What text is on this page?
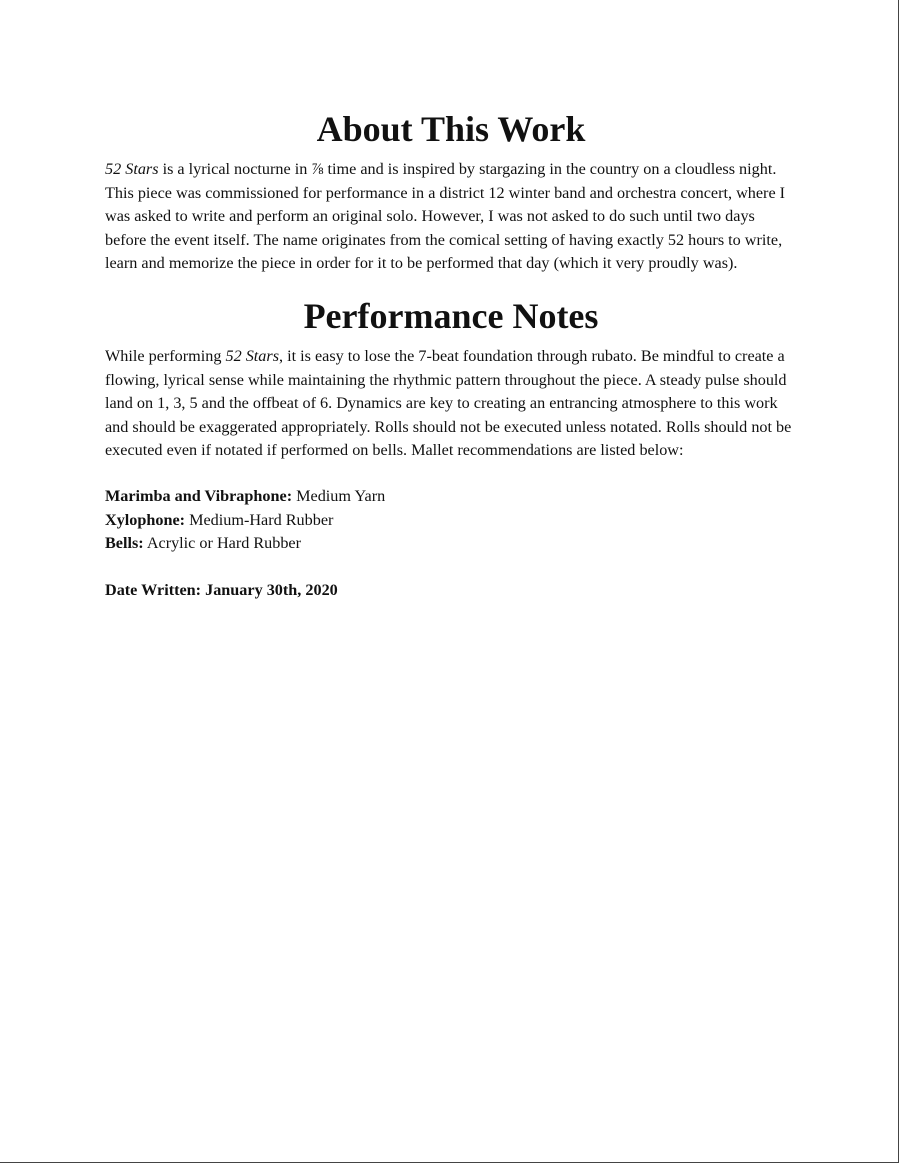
About This Work

52 Stars is a lyrical nocturne in ⅞ time and is inspired by stargazing in the country on a cloudless night. This piece was commissioned for performance in a district 12 winter band and orchestra concert, where I was asked to write and perform an original solo. However, I was not asked to do such until two days before the event itself. The name originates from the comical setting of having exactly 52 hours to write, learn and memorize the piece in order for it to be performed that day (which it very proudly was).

Performance Notes

While performing 52 Stars, it is easy to lose the 7-beat foundation through rubato. Be mindful to create a flowing, lyrical sense while maintaining the rhythmic pattern throughout the piece. A steady pulse should land on 1, 3, 5 and the offbeat of 6. Dynamics are key to creating an entrancing atmosphere to this work and should be exaggerated appropriately. Rolls should not be executed unless notated. Rolls should not be executed even if notated if performed on bells. Mallet recommendations are listed below:

Marimba and Vibraphone: Medium Yarn
Xylophone: Medium-Hard Rubber
Bells: Acrylic or Hard Rubber
Date Written: January 30th, 2020
